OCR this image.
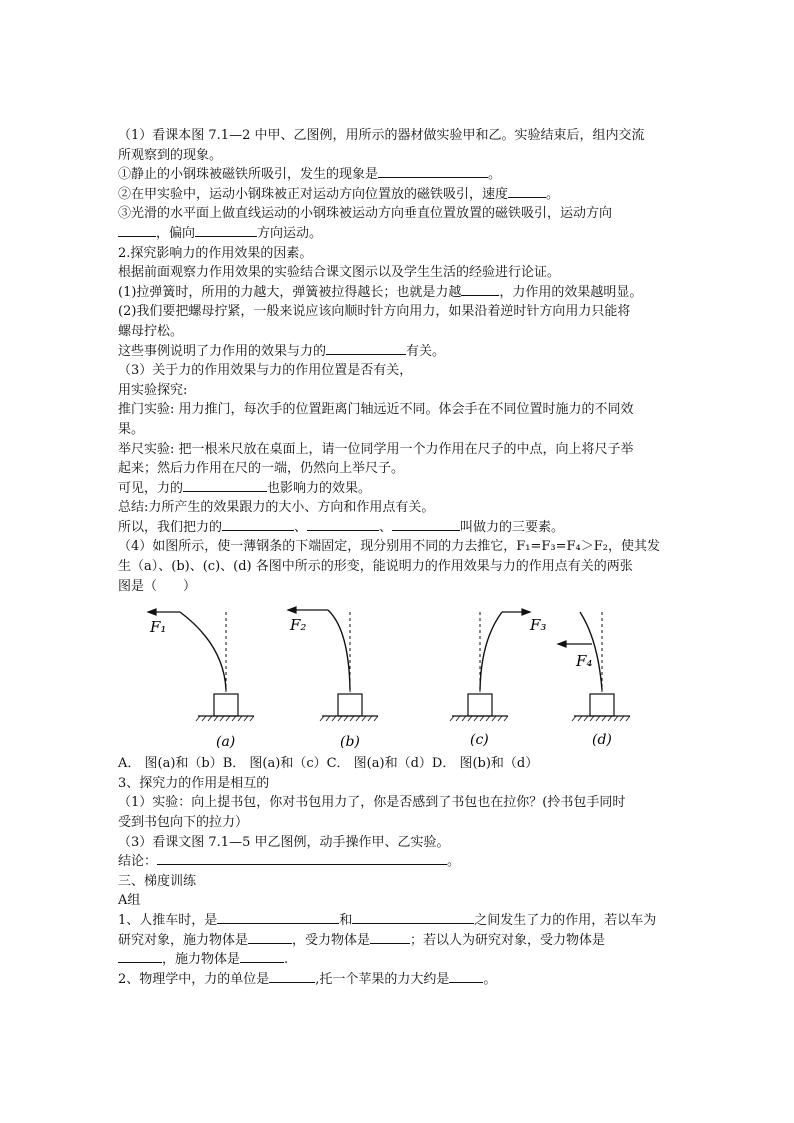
（1）看课本图 7.1—2 中甲、乙图例，用所示的器材做实验甲和乙。实验结束后，组内交流
所观察到的现象。
①静止的小钢珠被磁铁所吸引，发生的现象是	。
②在甲实验中，运动小钢珠被正对运动方向位置放的磁铁吸引，速度	。
③光滑的水平面上做直线运动的小钢珠被运动方向垂直位置放置的磁铁吸引，运动方向
，偏向	方向运动。
2.探究影响力的作用效果的因素。
根据前面观察力作用效果的实验结合课文图示以及学生生活的经验进行论证。
(1)拉弹簧时，所用的力越大，弹簧被拉得越长；也就是力越	，力作用的效果越明显。
(2)我们要把螺母拧紧，一般来说应该向顺时针方向用力，如果沿着逆时针方向用力只能将
螺母拧松。
这些事例说明了力作用的效果与力的	有关。
（3）关于力的作用效果与力的作用位置是否有关，
用实验探究:
推门实验: 用力推门，每次手的位置距离门轴远近不同。体会手在不同位置时施力的不同效
果。
举尺实验: 把一根米尺放在桌面上，请一位同学用一个力作用在尺子的中点，向上将尺子举
起来；然后力作用在尺的一端，仍然向上举尺子。
可见，力的	也影响力的效果。
总结:力所产生的效果跟力的大小、方向和作用点有关。
所以，我们把力的	、	、	叫做力的三要素。
（4）如图所示，使一薄钢条的下端固定，现分别用不同的力去推它，F₁=F₃=F₄＞F₂，使其发
生（a）、(b)、(c)、(d) 各图中所示的形变，能说明力的作用效果与力的作用点有关的两张
图是（　　）
F₁	F₂	F₃
F₄
(a)	(b)	(c)	(d)
A． 图(a)和（b）B． 图(a)和（c）C． 图(a)和（d）D． 图(b)和（d）
3、探究力的作用是相互的
（1）实验：向上提书包，你对书包用力了，你是否感到了书包也在拉你？(拎书包手同时
受到书包向下的拉力）
（3）看课文图 7.1—5 甲乙图例，动手操作甲、乙实验。
结论：	。
三、梯度训练
A组
1、人推车时，是	和	之间发生了力的作用，若以车为
研究对象，施力物体是	，受力物体是	；若以人为研究对象，受力物体是
，施力物体是	.
2、物理学中，力的单位是	,托一个苹果的力大约是	。
